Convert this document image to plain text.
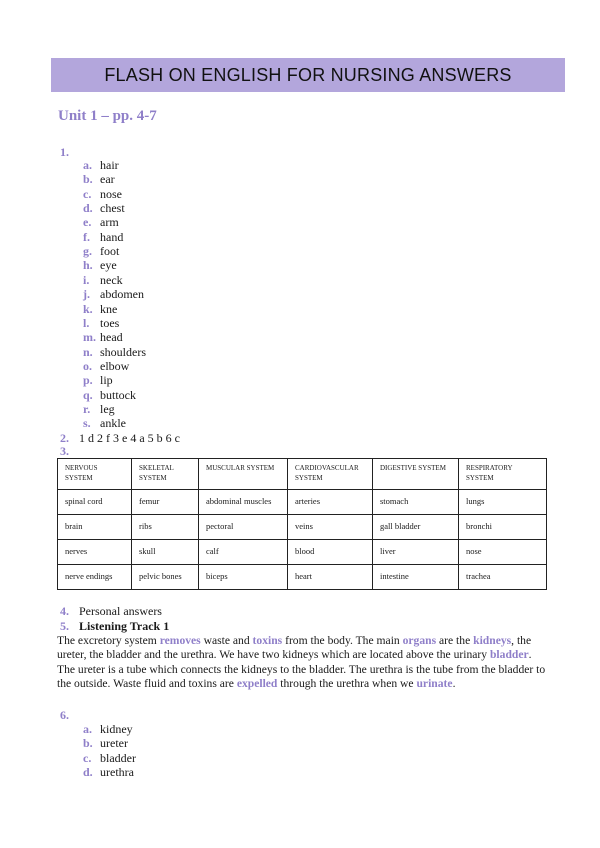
FLASH ON ENGLISH FOR NURSING ANSWERS
Unit 1 – pp. 4-7
1.
a. hair
b. ear
c. nose
d. chest
e. arm
f. hand
g. foot
h. eye
i. neck
j. abdomen
k. kne
l. toes
m. head
n. shoulders
o. elbow
p. lip
q. buttock
r. leg
s. ankle
2. 1 d 2 f 3 e 4 a 5 b 6 c
3.
NERVOUS SYSTEM	SKELETAL SYSTEM	MUSCULAR SYSTEM	CARDIOVASCULAR SYSTEM	DIGESTIVE SYSTEM	RESPIRATORY SYSTEM
spinal cord	femur	abdominal muscles	arteries	stomach	lungs
brain	ribs	pectoral	veins	gall bladder	bronchi
nerves	skull	calf	blood	liver	nose
nerve endings	pelvic bones	biceps	heart	intestine	trachea
4. Personal answers
5. Listening Track 1
The excretory system removes waste and toxins from the body. The main organs are the kidneys, the ureter, the bladder and the urethra. We have two kidneys which are located above the urinary bladder. The ureter is a tube which connects the kidneys to the bladder. The urethra is the tube from the bladder to the outside. Waste fluid and toxins are expelled through the urethra when we urinate.
6.
a. kidney
b. ureter
c. bladder
d. urethra
